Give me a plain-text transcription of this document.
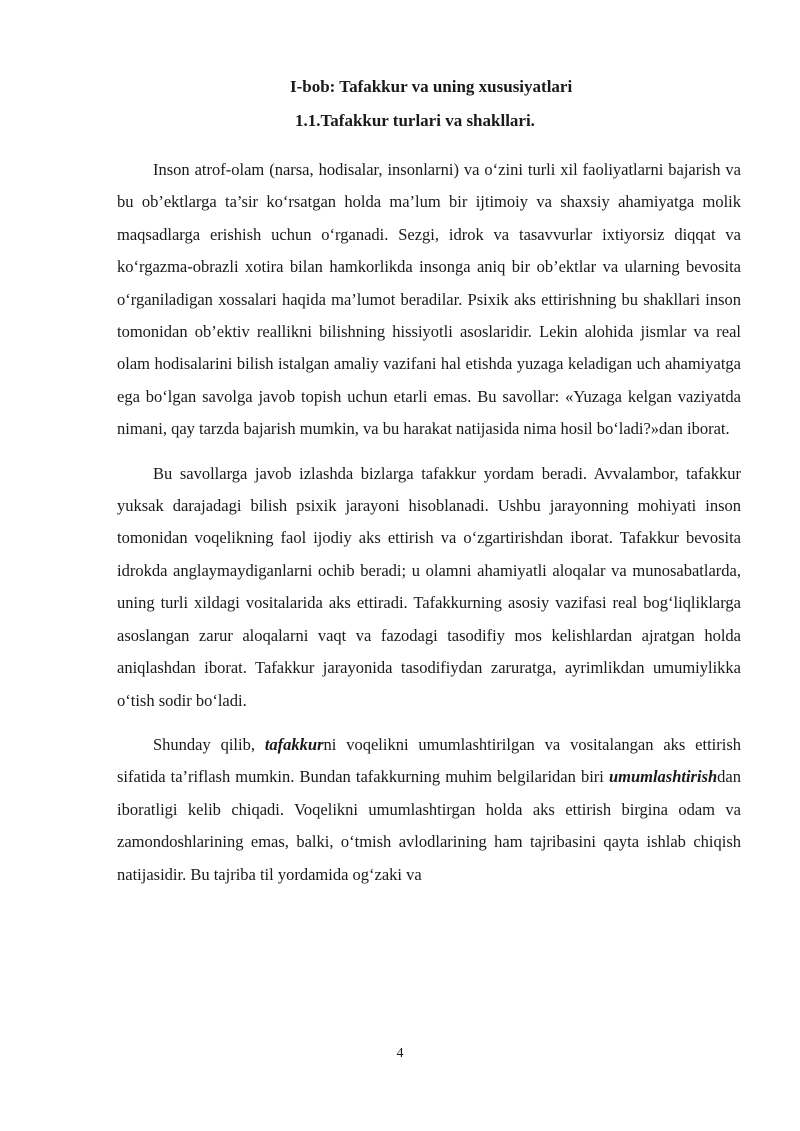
I-bob: Tafakkur va uning xususiyatlari
1.1.Tafakkur turlari va shakllari.

Inson atrof-olam (narsa, hodisalar, insonlarni) va o‘zini turli xil faoliyatlarni bajarish va bu ob’ektlarga ta’sir ko‘rsatgan holda ma’lum bir ijtimoiy va shaxsiy ahamiyatga molik maqsadlarga erishish uchun o‘rganadi. Sezgi, idrok va tasavvurlar ixtiyorsiz diqqat va ko‘rgazma-obrazli xotira bilan hamkorlikda insonga aniq bir ob’ektlar va ularning bevosita o‘rganiladigan xossalari haqida ma’lumot beradilar. Psixik aks ettirishning bu shakllari inson tomonidan ob’ektiv reallikni bilishning hissiyotli asoslaridir. Lekin alohida jismlar va real olam hodisalarini bilish istalgan amaliy vazifani hal etishda yuzaga keladigan uch ahamiyatga ega bo‘lgan savolga javob topish uchun etarli emas. Bu savollar: «Yuzaga kelgan vaziyatda nimani, qay tarzda bajarish mumkin, va bu harakat natijasida nima hosil bo‘ladi?»dan iborat.

Bu savollarga javob izlashda bizlarga tafakkur yordam beradi. Avvalambor, tafakkur yuksak darajadagi bilish psixik jarayoni hisoblanadi. Ushbu jarayonning mohiyati inson tomonidan voqelikning faol ijodiy aks ettirish va o‘zgartirishdan iborat. Tafakkur bevosita idrokda anglaymaydiganlarni ochib beradi; u olamni ahamiyatli aloqalar va munosabatlarda, uning turli xildagi vositalarida aks ettiradi. Tafakkurning asosiy vazifasi real bog‘liqliklarga asoslangan zarur aloqalarni vaqt va fazodagi tasodifiy mos kelishlardan ajratgan holda aniqlashdan iborat. Tafakkur jarayonida tasodifiydan zaruratga, ayrimlikdan umumiylikka o‘tish sodir bo‘ladi.

Shunday qilib, tafakkurni voqelikni umumlashtirilgan va vositalangan aks ettirish sifatida ta’riflash mumkin. Bundan tafakkurning muhim belgilaridan biri umumlashtirishdan iboratligi kelib chiqadi. Voqelikni umumlashtirgan holda aks ettirish birgina odam va zamondoshlarining emas, balki, o‘tmish avlodlarining ham tajribasini qayta ishlab chiqish natijasidir. Bu tajriba til yordamida og‘zaki va

4
